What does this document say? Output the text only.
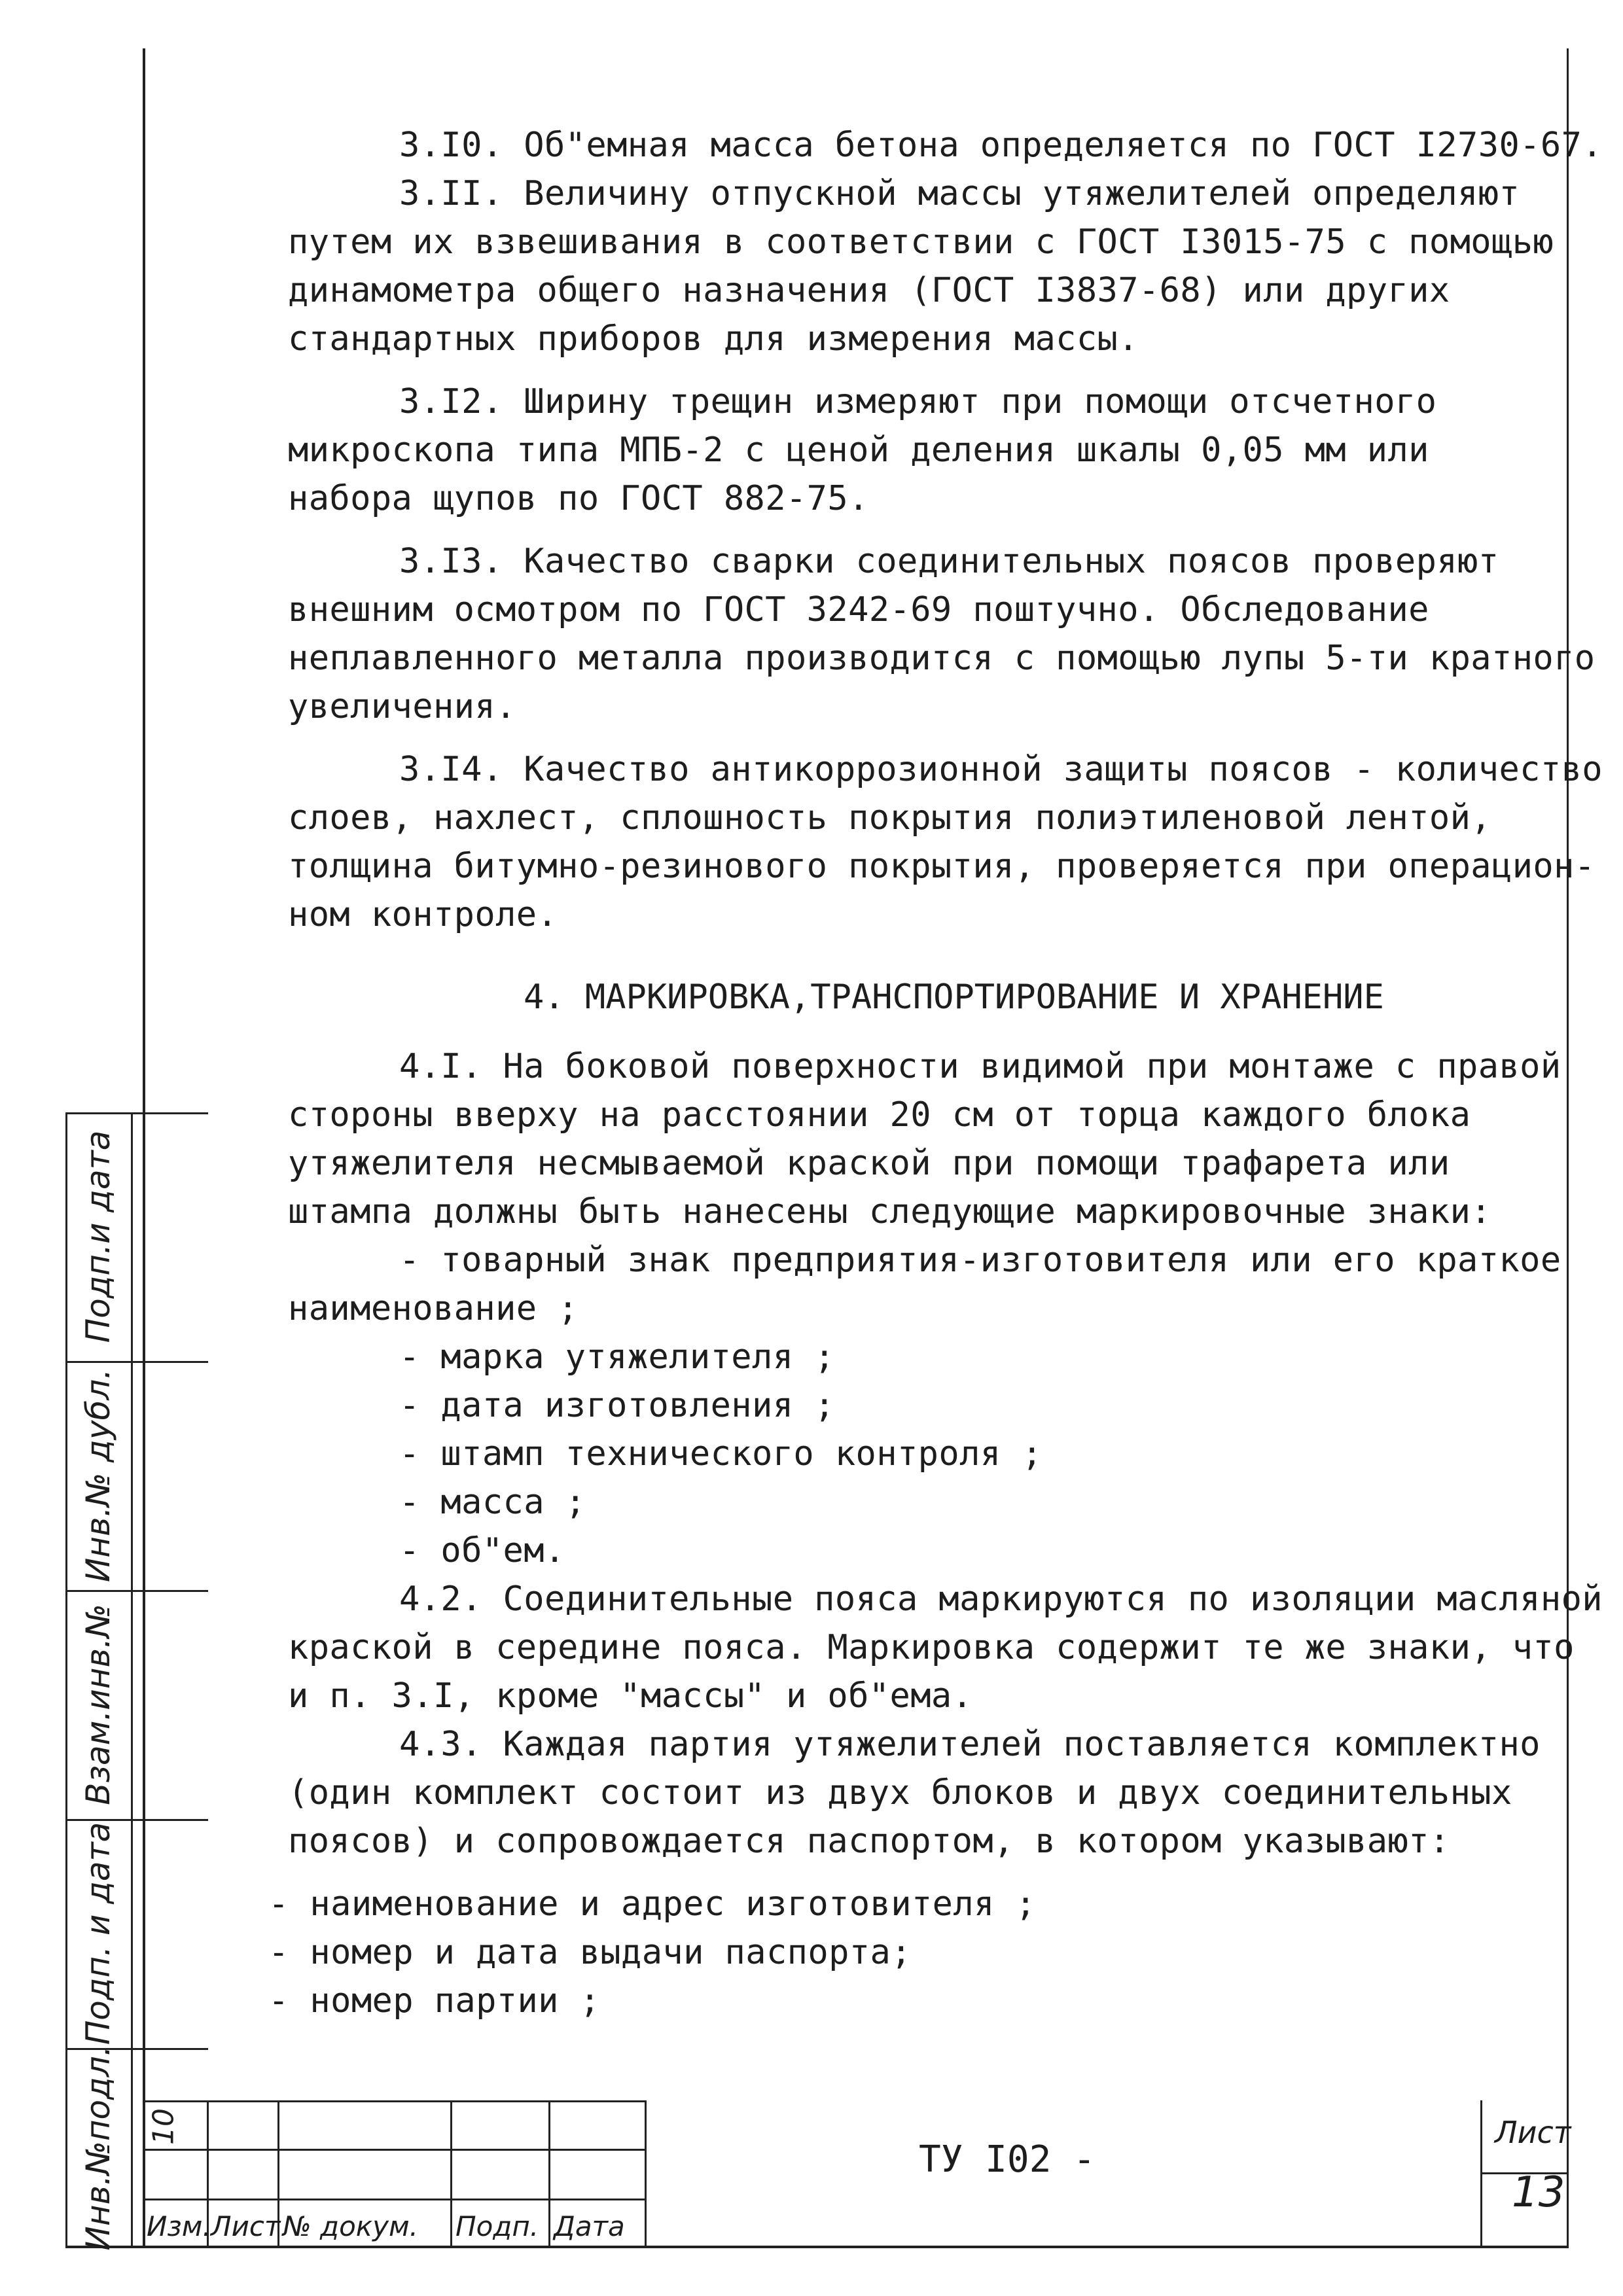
3.I0. Об"емная масса бетона определяется по ГОСТ I2730-67.
3.II. Величину отпускной массы утяжелителей определяют
путем их взвешивания в соответствии с ГОСТ I3015-75 с помощью
динамометра общего назначения (ГОСТ I3837-68) или других
стандартных приборов для измерения массы.
3.I2. Ширину трещин измеряют при помощи отсчетного
микроскопа типа МПБ-2 с ценой деления шкалы 0,05 мм или
набора щупов по ГОСТ 882-75.
3.I3. Качество сварки соединительных поясов проверяют
внешним осмотром по ГОСТ 3242-69 поштучно. Обследование
неплавленного металла производится с помощью лупы 5-ти кратного
увеличения.
3.I4. Качество антикоррозионной защиты поясов - количество
слоев, нахлест, сплошность покрытия полиэтиленовой лентой,
толщина битумно-резинового покрытия, проверяется при операцион-
ном контроле.
4. МАРКИРОВКА,ТРАНСПОРТИРОВАНИЕ И ХРАНЕНИЕ
4.I. На боковой поверхности видимой при монтаже с правой
стороны вверху на расстоянии 20 см от торца каждого блока
утяжелителя несмываемой краской при помощи трафарета или
штампа должны быть нанесены следующие маркировочные знаки:
- товарный знак предприятия-изготовителя или его краткое
наименование ;
- марка утяжелителя ;
- дата изготовления ;
- штамп технического контроля ;
- масса ;
- об"ем.
4.2. Соединительные пояса маркируются по изоляции масляной
краской в середине пояса. Маркировка содержит те же знаки, что
и п. 3.I, кроме "массы" и об"ема.
4.3. Каждая партия утяжелителей поставляется комплектно
(один комплект состоит из двух блоков и двух соединительных
поясов) и сопровождается паспортом, в котором указывают:
- наименование и адрес изготовителя ;
- номер и дата выдачи паспорта;
- номер партии ;
Подп.и дата
Инв.№ дубл.
Взам.инв.№
Подп. и дата
Инв.№подл. 10
Изм. Лист № докум. Подп. Дата
ТУ I02 -
Лист
13
